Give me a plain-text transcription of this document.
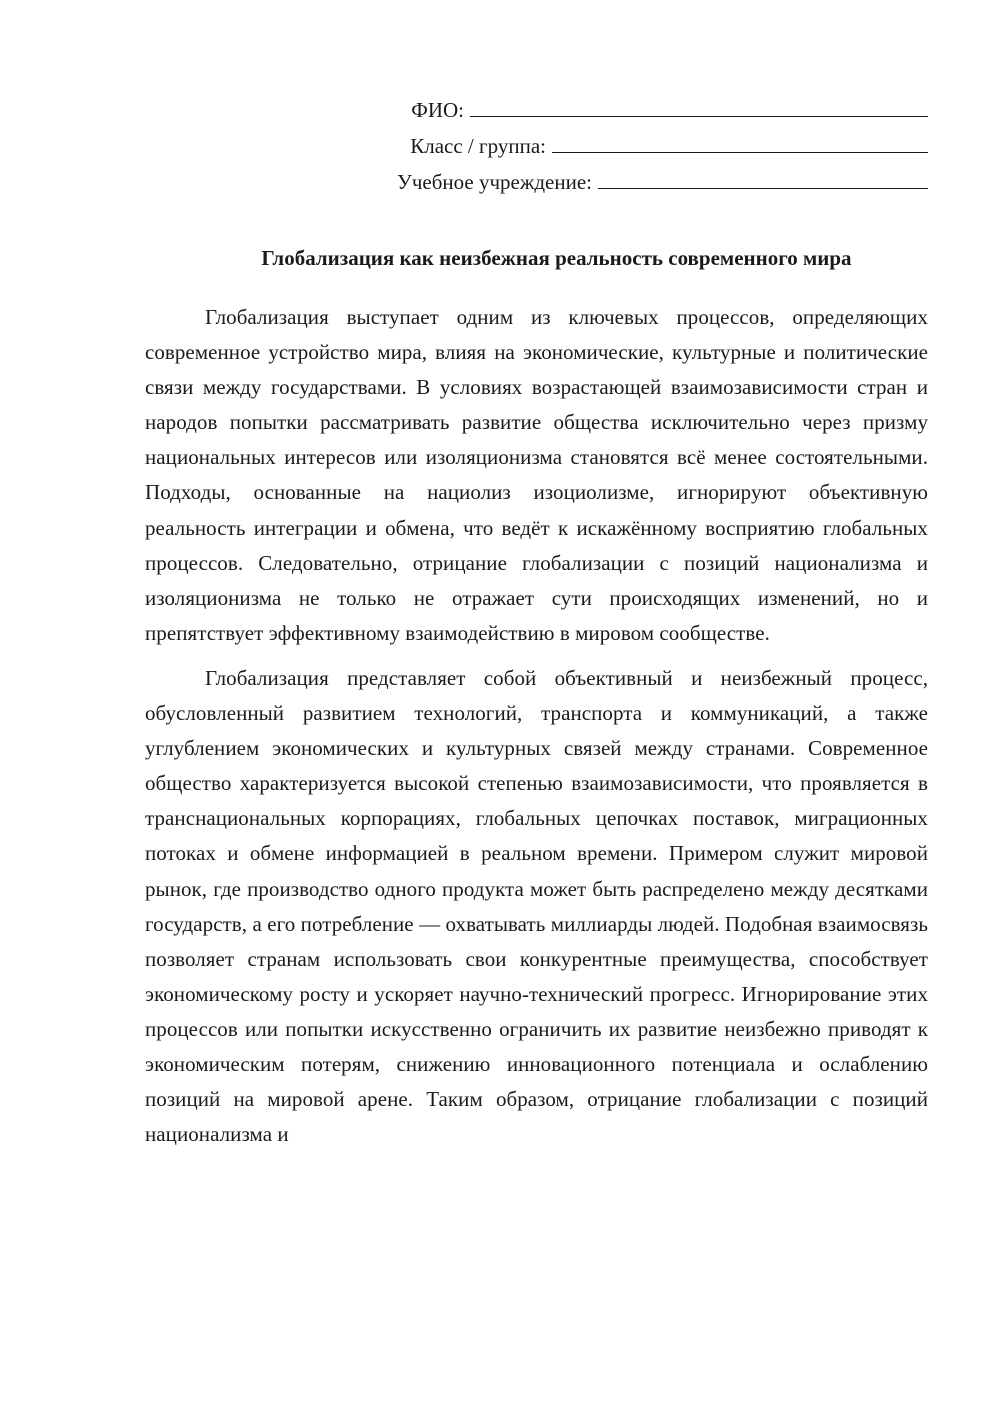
ФИО:
Класс / группа:
Учебное учреждение:
Глобализация как неизбежная реальность современного мира

Глобализация выступает одним из ключевых процессов, определяющих современное устройство мира, влияя на экономические, культурные и политические связи между государствами. В условиях возрастающей взаимозависимости стран и народов попытки рассматривать развитие общества исключительно через призму национальных интересов или изоляционизма становятся всё менее состоятельными. Подходы, основанные на нациолиз изоциолизме, игнорируют объективную реальность интеграции и обмена, что ведёт к искажённому восприятию глобальных процессов. Следовательно, отрицание глобализации с позиций национализма и изоляционизма не только не отражает сути происходящих изменений, но и препятствует эффективному взаимодействию в мировом сообществе.

Глобализация представляет собой объективный и неизбежный процесс, обусловленный развитием технологий, транспорта и коммуникаций, а также углублением экономических и культурных связей между странами. Современное общество характеризуется высокой степенью взаимозависимости, что проявляется в транснациональных корпорациях, глобальных цепочках поставок, миграционных потоках и обмене информацией в реальном времени. Примером служит мировой рынок, где производство одного продукта может быть распределено между десятками государств, а его потребление — охватывать миллиарды людей. Подобная взаимосвязь позволяет странам использовать свои конкурентные преимущества, способствует экономическому росту и ускоряет научно-технический прогресс. Игнорирование этих процессов или попытки искусственно ограничить их развитие неизбежно приводят к экономическим потерям, снижению инновационного потенциала и ослаблению позиций на мировой арене. Таким образом, отрицание глобализации с позиций национализма и
